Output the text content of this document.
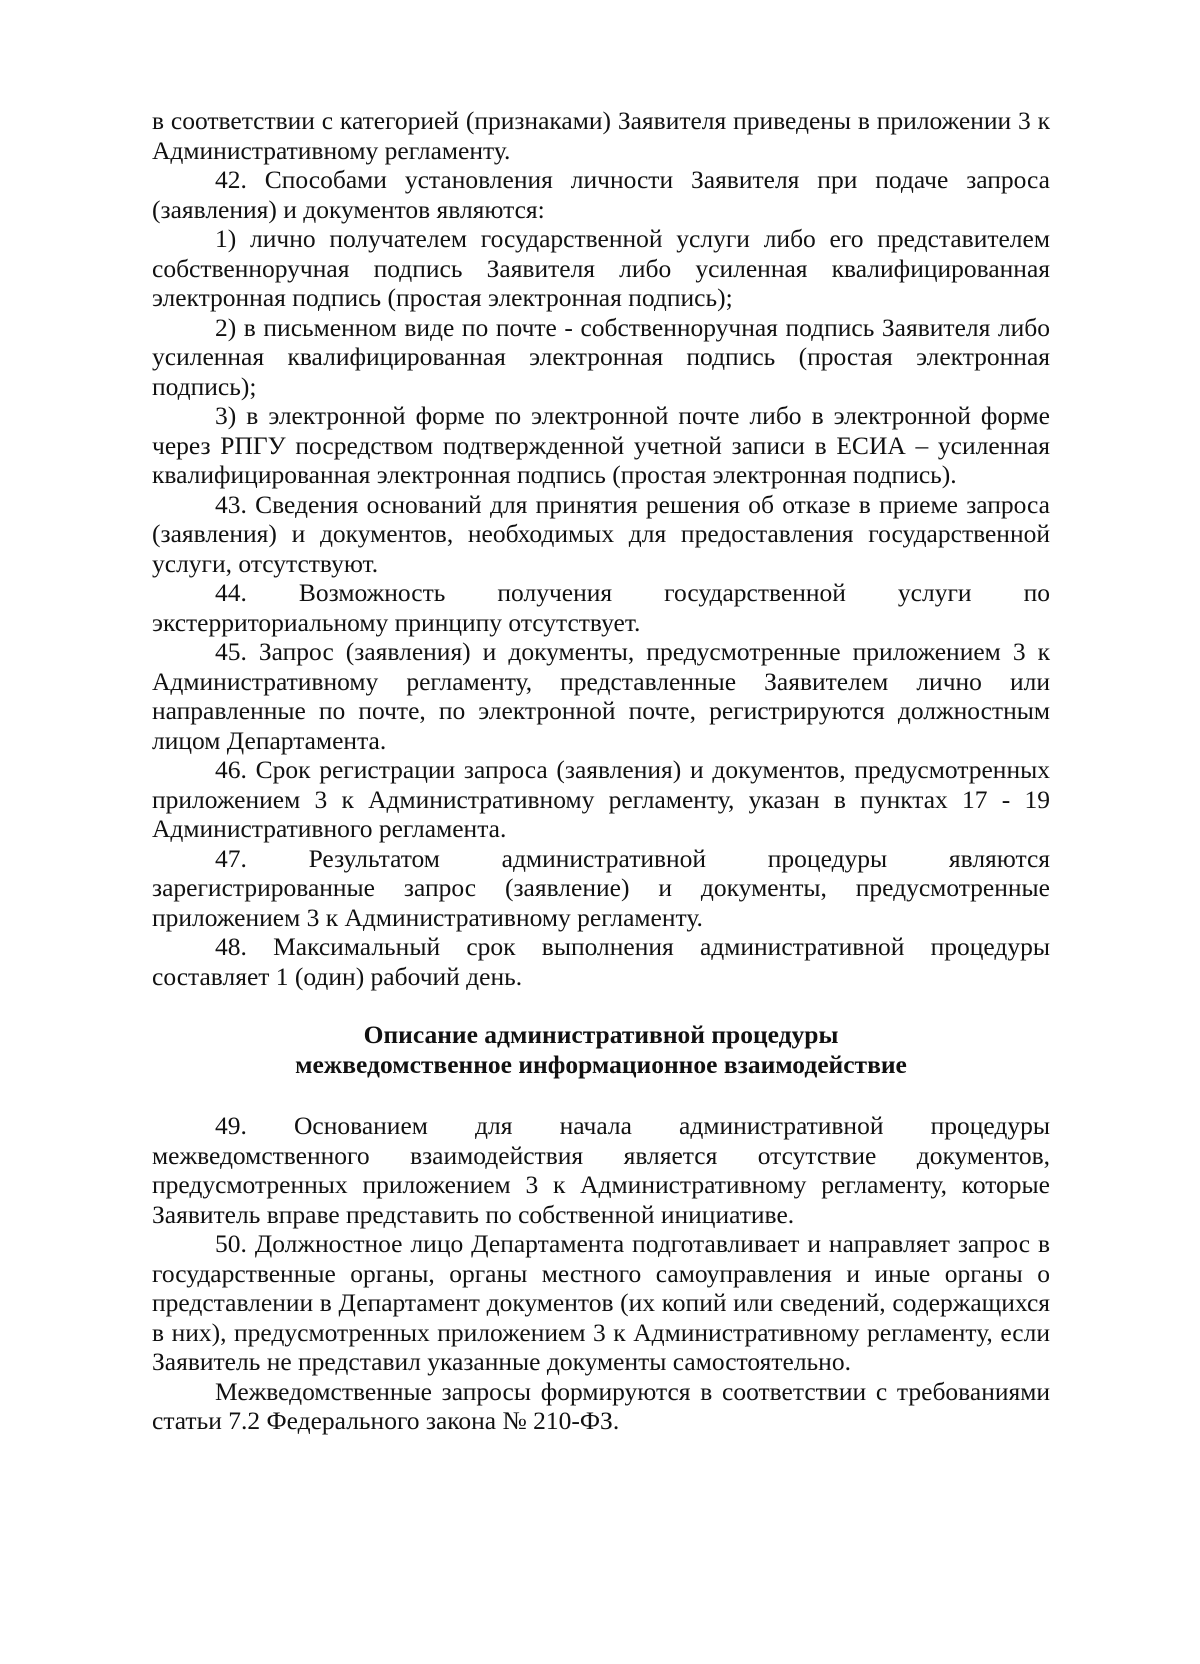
в соответствии с категорией (признаками) Заявителя приведены в приложении 3 к Административному регламенту.

42. Способами установления личности Заявителя при подаче запроса (заявления) и документов являются:

1) лично получателем государственной услуги либо его представителем собственноручная подпись Заявителя либо усиленная квалифицированная электронная подпись (простая электронная подпись);

2) в письменном виде по почте - собственноручная подпись Заявителя либо усиленная квалифицированная электронная подпись (простая электронная подпись);

3) в электронной форме по электронной почте либо в электронной форме через РПГУ посредством подтвержденной учетной записи в ЕСИА – усиленная квалифицированная электронная подпись (простая электронная подпись).

43. Сведения оснований для принятия решения об отказе в приеме запроса (заявления) и документов, необходимых для предоставления государственной услуги, отсутствуют.

44. Возможность получения государственной услуги по экстерриториальному принципу отсутствует.

45. Запрос (заявления) и документы, предусмотренные приложением 3 к Административному регламенту, представленные Заявителем лично или направленные по почте, по электронной почте, регистрируются должностным лицом Департамента.

46. Срок регистрации запроса (заявления) и документов, предусмотренных приложением 3 к Административному регламенту, указан в пунктах 17 - 19 Административного регламента.

47. Результатом административной процедуры являются зарегистрированные запрос (заявление) и документы, предусмотренные приложением 3 к Административному регламенту.

48. Максимальный срок выполнения административной процедуры составляет 1 (один) рабочий день.

Описание административной процедуры
межведомственное информационное взаимодействие

49. Основанием для начала административной процедуры межведомственного взаимодействия является отсутствие документов, предусмотренных приложением 3 к Административному регламенту, которые Заявитель вправе представить по собственной инициативе.

50. Должностное лицо Департамента подготавливает и направляет запрос в государственные органы, органы местного самоуправления и иные органы о представлении в Департамент документов (их копий или сведений, содержащихся в них), предусмотренных приложением 3 к Административному регламенту, если Заявитель не представил указанные документы самостоятельно.

Межведомственные запросы формируются в соответствии с требованиями статьи 7.2 Федерального закона № 210-ФЗ.
